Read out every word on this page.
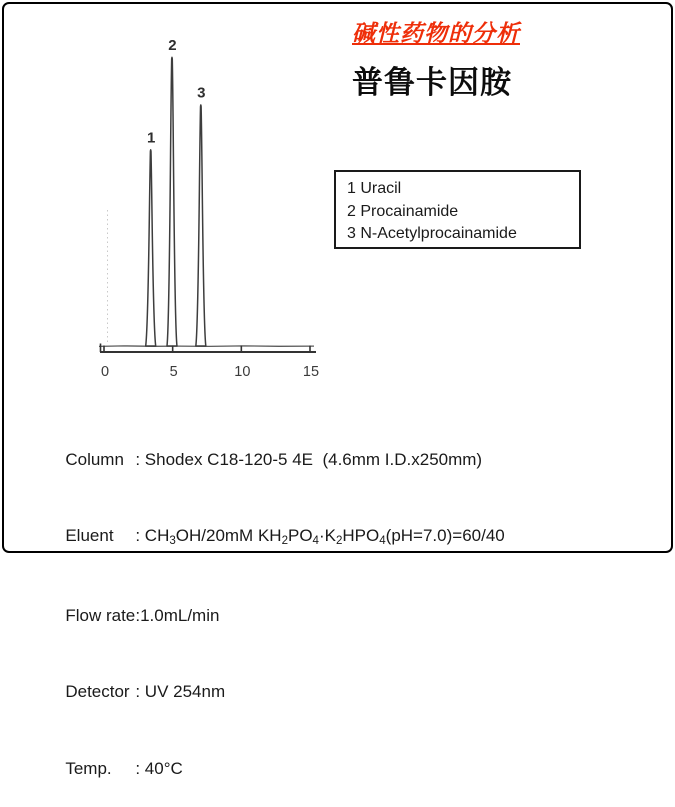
碱性药物的分析
普鲁卡因胺
1
2
3
0	5	10	15
1 Uracil
2 Procainamide
3 N-Acetylprocainamide

Column : Shodex C18-120-5 4E  (4.6mm I.D.x250mm)

Eluent : CH3OH/20mM KH2PO4·K2HPO4(pH=7.0)=60/40

Flow rate:1.0mL/min

Detector : UV 254nm

Temp. : 40°C
